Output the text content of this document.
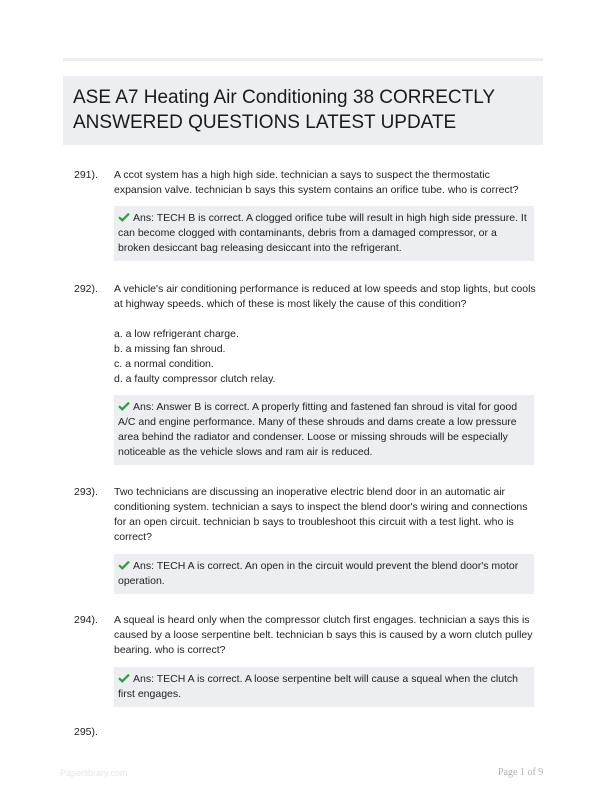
ASE A7 Heating Air Conditioning 38 CORRECTLY ANSWERED QUESTIONS LATEST UPDATE
291). A ccot system has a high high side. technician a says to suspect the thermostatic expansion valve. technician b says this system contains an orifice tube. who is correct?

Ans: TECH B is correct. A clogged orifice tube will result in high high side pressure. It can become clogged with contaminants, debris from a damaged compressor, or a broken desiccant bag releasing desiccant into the refrigerant.
292). A vehicle's air conditioning performance is reduced at low speeds and stop lights, but cools at highway speeds. which of these is most likely the cause of this condition?

a. a low refrigerant charge.
b. a missing fan shroud.
c. a normal condition.
d. a faulty compressor clutch relay.
Ans: Answer B is correct. A properly fitting and fastened fan shroud is vital for good A/C and engine performance. Many of these shrouds and dams create a low pressure area behind the radiator and condenser. Loose or missing shrouds will be especially noticeable as the vehicle slows and ram air is reduced.
293). Two technicians are discussing an inoperative electric blend door in an automatic air conditioning system. technician a says to inspect the blend door's wiring and connections for an open circuit. technician b says to troubleshoot this circuit with a test light. who is correct?

Ans: TECH A is correct. An open in the circuit would prevent the blend door's motor operation.
294). A squeal is heard only when the compressor clutch first engages. technician a says this is caused by a loose serpentine belt. technician b says this is caused by a worn clutch pulley bearing. who is correct?

Ans: TECH A is correct. A loose serpentine belt will cause a squeal when the clutch first engages.
295).
Paperlibrary.com	Page 1 of 9
